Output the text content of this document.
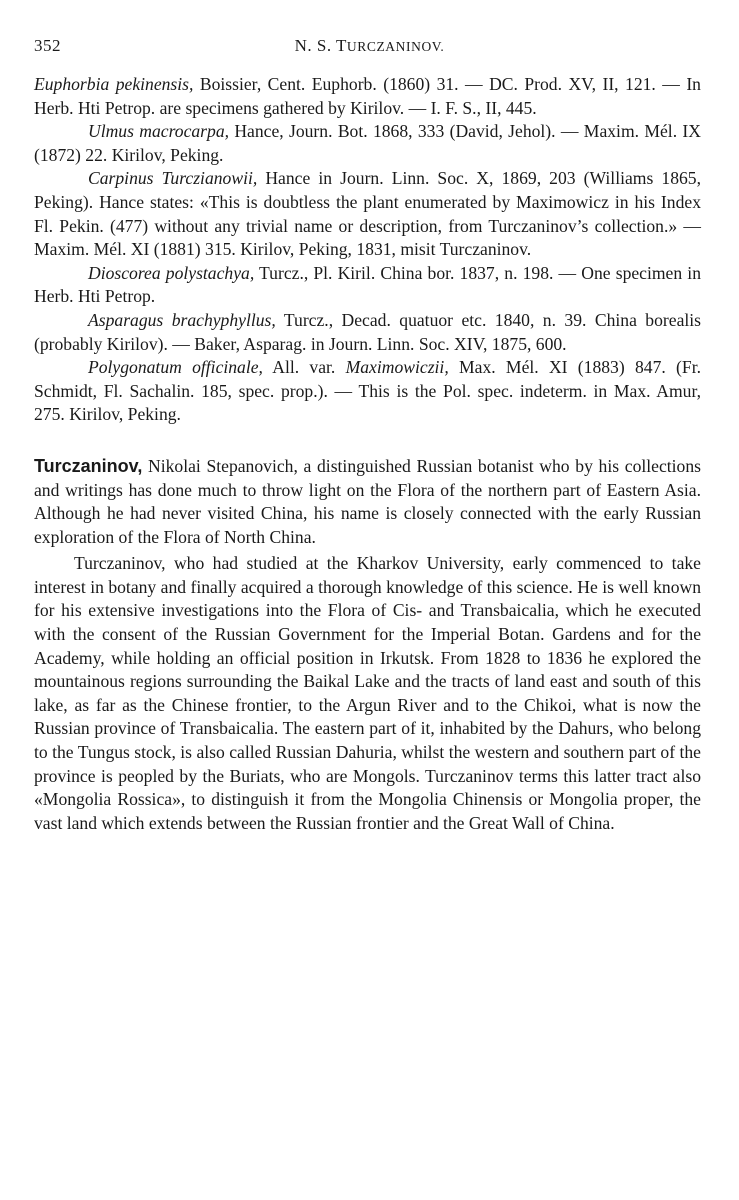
352	N. S. TURCZANINOV.

Euphorbia pekinensis, Boissier, Cent. Euphorb. (1860) 31. — DC. Prod. XV, II, 121. — In Herb. Hti Petrop. are specimens gathered by Kirilov. — I. F. S., II, 445.

Ulmus macrocarpa, Hance, Journ. Bot. 1868, 333 (David, Jehol). — Maxim. Mél. IX (1872) 22. Kirilov, Peking.

Carpinus Turczianowii, Hance in Journ. Linn. Soc. X, 1869, 203 (Williams 1865, Peking). Hance states: «This is doubtless the plant enumerated by Maximowicz in his Index Fl. Pekin. (477) without any trivial name or description, from Turczaninov’s collection.» — Maxim. Mél. XI (1881) 315. Kirilov, Peking, 1831, misit Turczaninov.

Dioscorea polystachya, Turcz., Pl. Kiril. China bor. 1837, n. 198. — One specimen in Herb. Hti Petrop.

Asparagus brachyphyllus, Turcz., Decad. quatuor etc. 1840, n. 39. China borealis (probably Kirilov). — Baker, Asparag. in Journ. Linn. Soc. XIV, 1875, 600.

Polygonatum officinale, All. var. Maximowiczii, Max. Mél. XI (1883) 847. (Fr. Schmidt, Fl. Sachalin. 185, spec. prop.). — This is the Pol. spec. indeterm. in Max. Amur, 275. Kirilov, Peking.

Turczaninov, Nikolai Stepanovich, a distinguished Russian botanist who by his collections and writings has done much to throw light on the Flora of the northern part of Eastern Asia. Although he had never visited China, his name is closely connected with the early Russian exploration of the Flora of North China.

Turczaninov, who had studied at the Kharkov University, early commenced to take interest in botany and finally acquired a thorough knowledge of this science. He is well known for his extensive investigations into the Flora of Cis- and Transbaicalia, which he executed with the consent of the Russian Government for the Imperial Botan. Gardens and for the Academy, while holding an official position in Irkutsk. From 1828 to 1836 he explored the mountainous regions surrounding the Baikal Lake and the tracts of land east and south of this lake, as far as the Chinese frontier, to the Argun River and to the Chikoi, what is now the Russian province of Transbaicalia. The eastern part of it, inhabited by the Dahurs, who belong to the Tungus stock, is also called Russian Dahuria, whilst the western and southern part of the province is peopled by the Buriats, who are Mongols. Turczaninov terms this latter tract also «Mongolia Rossica», to distinguish it from the Mongolia Chinensis or Mongolia proper, the vast land which extends between the Russian frontier and the Great Wall of China.
